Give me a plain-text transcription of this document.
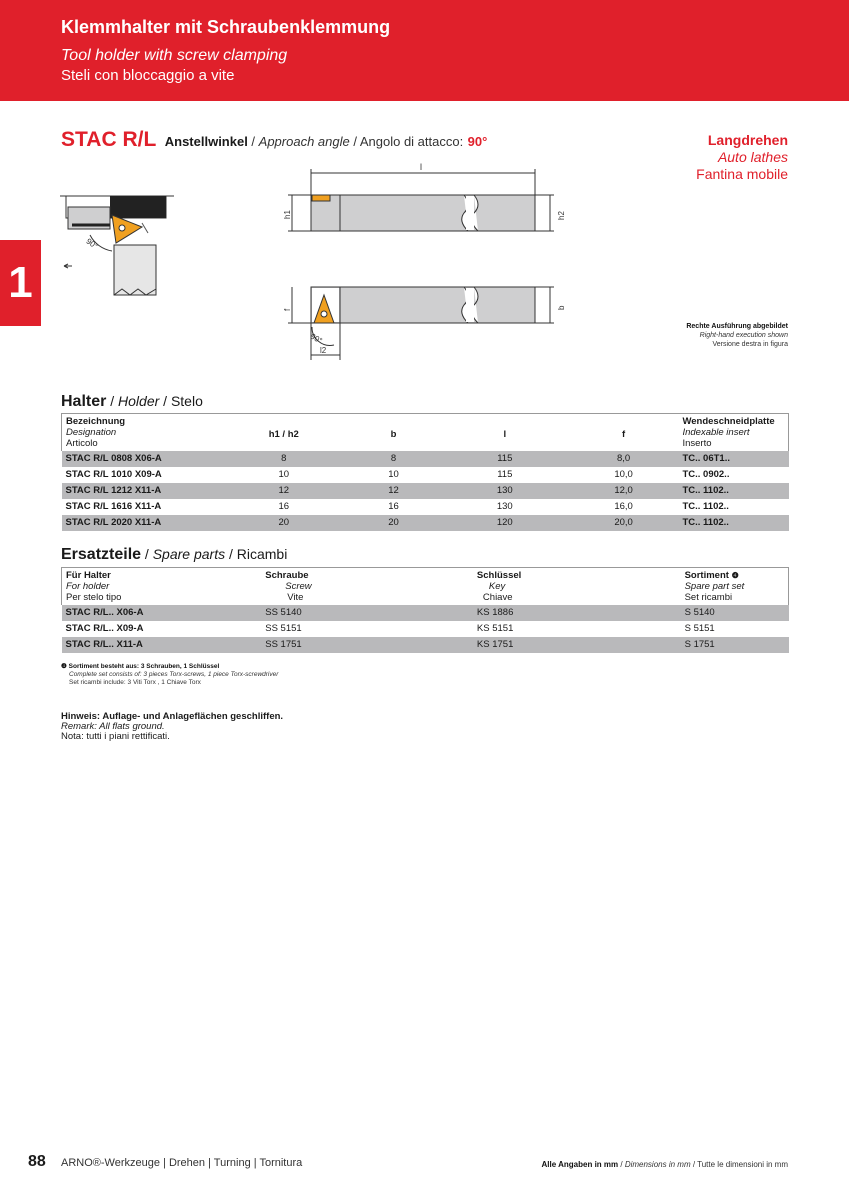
Klemmhalter mit Schraubenklemmung
Tool holder with screw clamping
Steli con bloccaggio a vite
1
STAC R/L Anstellwinkel / Approach angle / Angolo di attacco: 90°	Langdrehen
Auto lathes
Fantina mobile
90°
l
h1	h2
f	b
l2
90°
Rechte Ausführung abgebildet
Right-hand execution shown
Versione destra in figura
Halter / Holder / Stelo
Bezeichnung
Designation
Articolo	h1 / h2	b	l	f	Wendeschneidplatte
Indexable insert
Inserto

STAC R/L 0808 X06-A	8	8	115	8,0	TC.. 06T1..
STAC R/L 1010 X09-A	10	10	115	10,0	TC.. 0902..
STAC R/L 1212 X11-A	12	12	130	12,0	TC.. 1102..
STAC R/L 1616 X11-A	16	16	130	16,0	TC.. 1102..
STAC R/L 2020 X11-A	20	20	120	20,0	TC.. 1102..
Ersatzteile / Spare parts / Ricambi
Für Halter
For holder
Per stelo tipo	Schraube
Screw
Vite	Schlüssel
Key
Chiave	Sortiment $^❹$
Spare part set
Set ricambi

STAC R/L.. X06-A	SS 5140	KS 1886	S 5140
STAC R/L.. X09-A	SS 5151	KS 5151	S 5151
STAC R/L.. X11-A	SS 1751	KS 1751	S 1751
❹ Sortiment besteht aus: 3 Schrauben, 1 Schlüssel
Complete set consists of: 3 pieces Torx-screws, 1 piece Torx-screwdriver
Set ricambi include: 3 Viti Torx , 1 Chiave Torx
Hinweis: Auflage- und Anlageflächen geschliffen.
Remark: All flats ground.
Nota: tutti i piani rettificati.
88 ARNO®-Werkzeuge | Drehen | Turning | Tornitura	Alle Angaben in mm / Dimensions in mm / Tutte le dimensioni in mm
